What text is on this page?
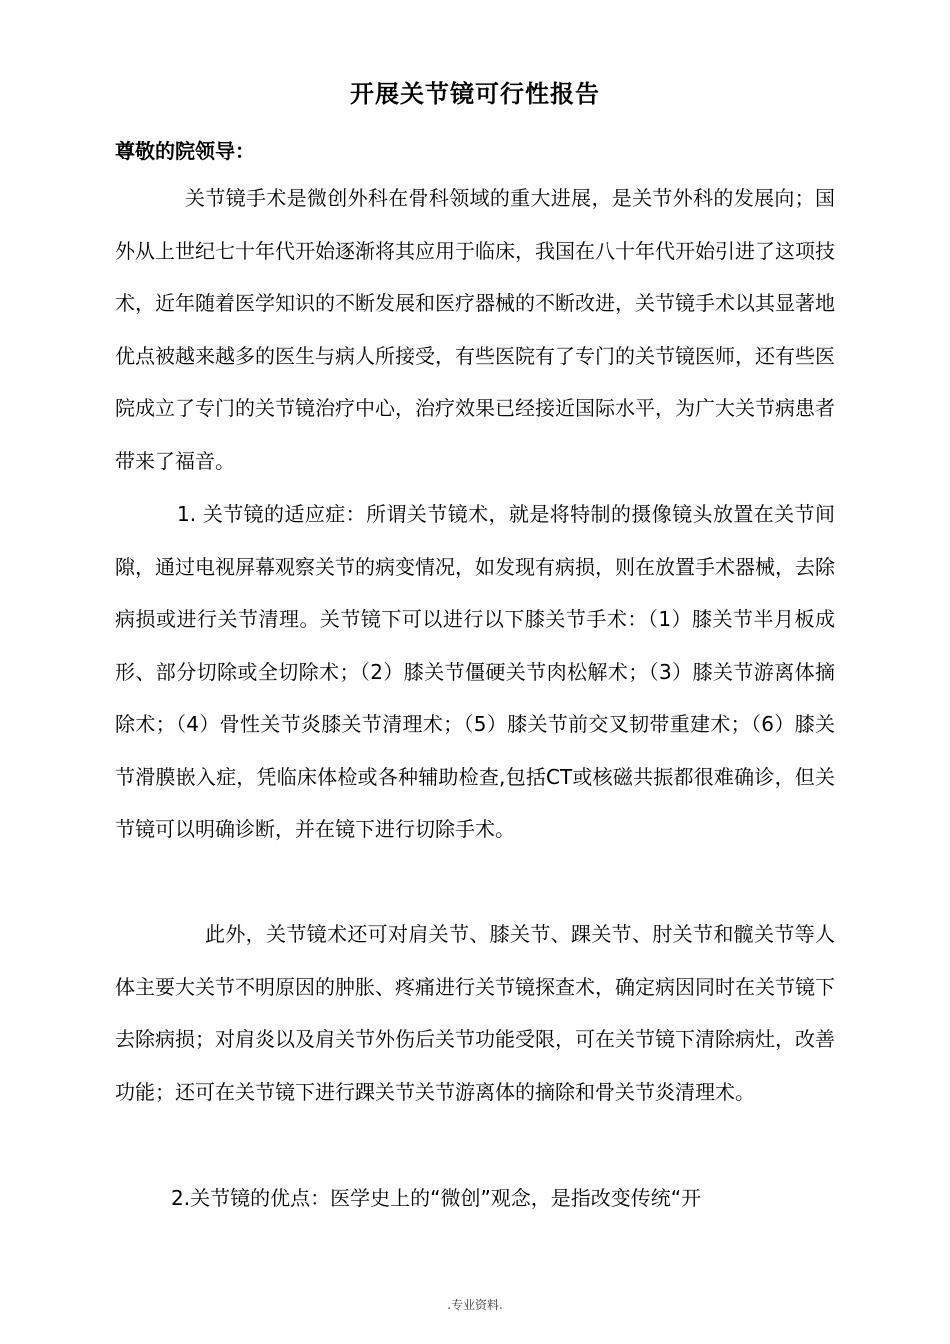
开展关节镜可行性报告
尊敬的院领导：

关节镜手术是微创外科在骨科领域的重大进展，是关节外科的发展向；国外从上世纪七十年代开始逐渐将其应用于临床，我国在八十年代开始引进了这项技术，近年随着医学知识的不断发展和医疗器械的不断改进，关节镜手术以其显著地优点被越来越多的医生与病人所接受，有些医院有了专门的关节镜医师，还有些医院成立了专门的关节镜治疗中心，治疗效果已经接近国际水平，为广大关节病患者带来了福音。

1. 关节镜的适应症：所谓关节镜术，就是将特制的摄像镜头放置在关节间隙，通过电视屏幕观察关节的病变情况，如发现有病损，则在放置手术器械，去除病损或进行关节清理。关节镜下可以进行以下膝关节手术：（1）膝关节半月板成形、部分切除或全切除术；（2）膝关节僵硬关节肉松解术；（3）膝关节游离体摘除术；（4）骨性关节炎膝关节清理术；（5）膝关节前交叉韧带重建术；（6）膝关节滑膜嵌入症，凭临床体检或各种辅助检查,包括CT或核磁共振都很难确诊，但关节镜可以明确诊断，并在镜下进行切除手术。

此外，关节镜术还可对肩关节、膝关节、踝关节、肘关节和髋关节等人体主要大关节不明原因的肿胀、疼痛进行关节镜探查术，确定病因同时在关节镜下去除病损；对肩炎以及肩关节外伤后关节功能受限，可在关节镜下清除病灶，改善功能；还可在关节镜下进行踝关节关节游离体的摘除和骨关节炎清理术。

2.关节镜的优点：医学史上的“微创”观念，是指改变传统“开

.专业资料.
